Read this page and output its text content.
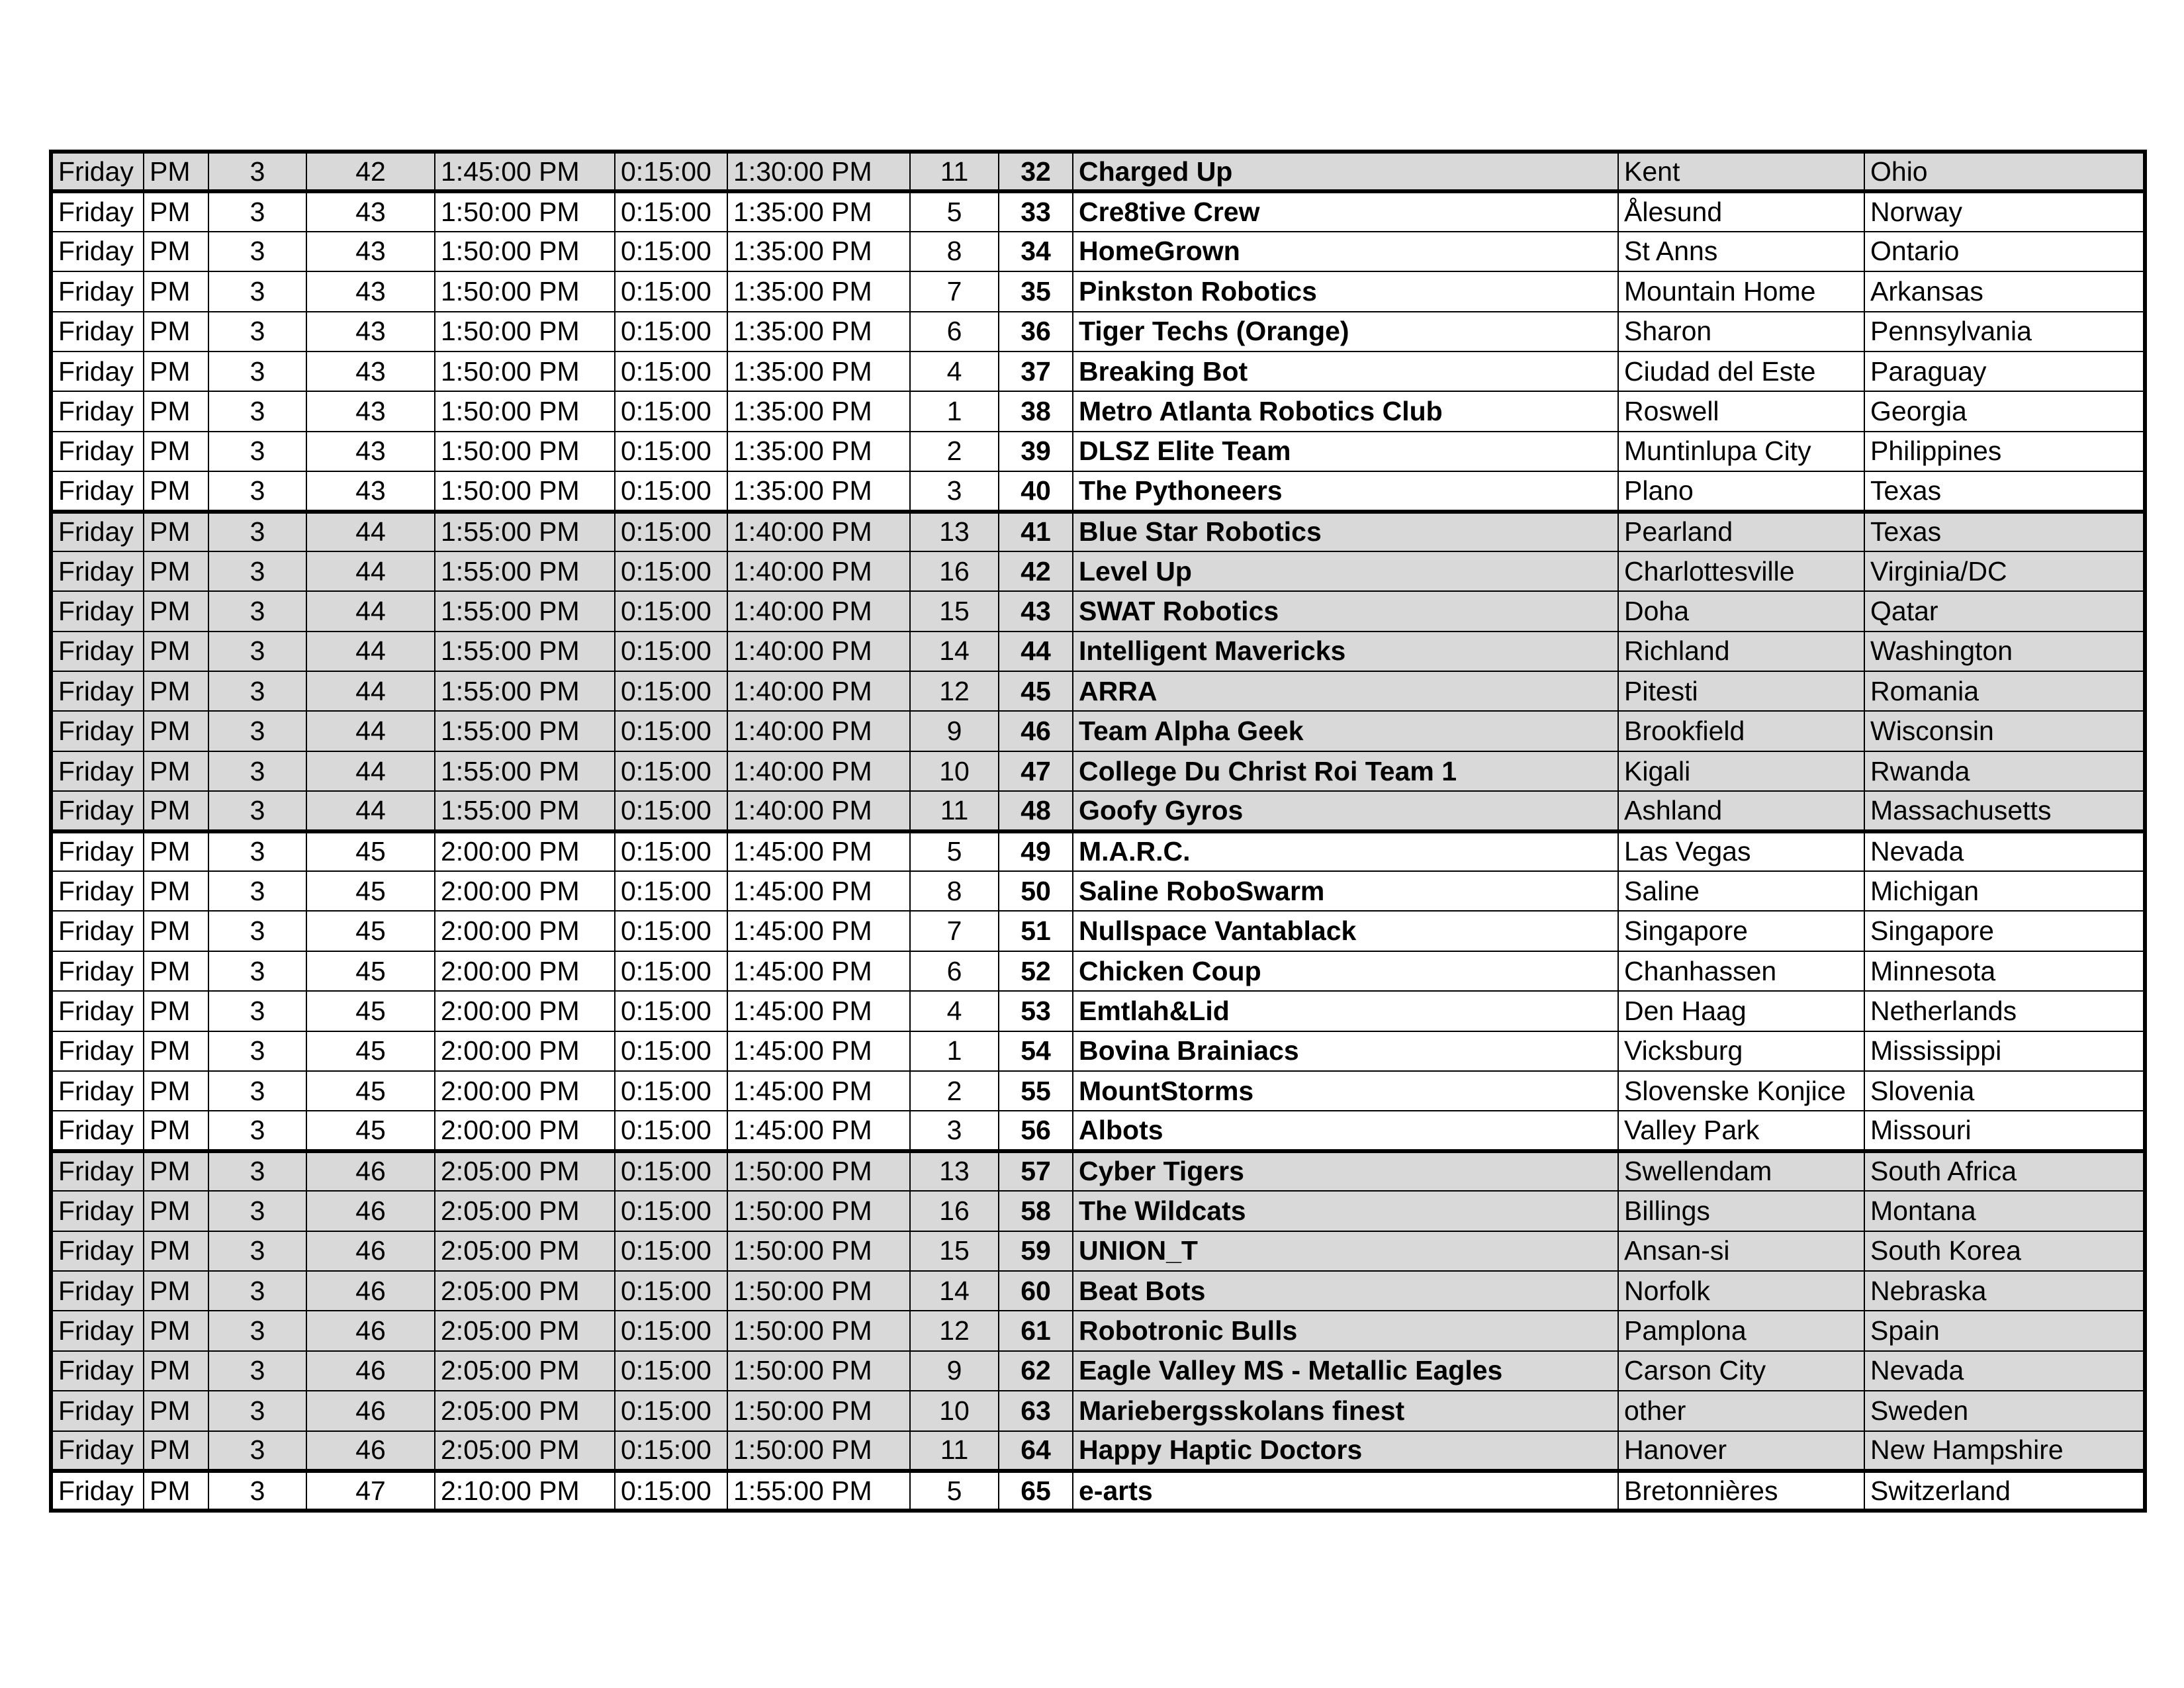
Friday	PM	3	42	1:45:00 PM	0:15:00	1:30:00 PM	11	32	Charged Up	Kent	Ohio
Friday	PM	3	43	1:50:00 PM	0:15:00	1:35:00 PM	5	33	Cre8tive Crew	Ålesund	Norway
Friday	PM	3	43	1:50:00 PM	0:15:00	1:35:00 PM	8	34	HomeGrown	St Anns	Ontario
Friday	PM	3	43	1:50:00 PM	0:15:00	1:35:00 PM	7	35	Pinkston Robotics	Mountain Home	Arkansas
Friday	PM	3	43	1:50:00 PM	0:15:00	1:35:00 PM	6	36	Tiger Techs (Orange)	Sharon	Pennsylvania
Friday	PM	3	43	1:50:00 PM	0:15:00	1:35:00 PM	4	37	Breaking Bot	Ciudad del Este	Paraguay
Friday	PM	3	43	1:50:00 PM	0:15:00	1:35:00 PM	1	38	Metro Atlanta Robotics Club	Roswell	Georgia
Friday	PM	3	43	1:50:00 PM	0:15:00	1:35:00 PM	2	39	DLSZ Elite Team	Muntinlupa City	Philippines
Friday	PM	3	43	1:50:00 PM	0:15:00	1:35:00 PM	3	40	The Pythoneers	Plano	Texas
Friday	PM	3	44	1:55:00 PM	0:15:00	1:40:00 PM	13	41	Blue Star Robotics	Pearland	Texas
Friday	PM	3	44	1:55:00 PM	0:15:00	1:40:00 PM	16	42	Level Up	Charlottesville	Virginia/DC
Friday	PM	3	44	1:55:00 PM	0:15:00	1:40:00 PM	15	43	SWAT Robotics	Doha	Qatar
Friday	PM	3	44	1:55:00 PM	0:15:00	1:40:00 PM	14	44	Intelligent Mavericks	Richland	Washington
Friday	PM	3	44	1:55:00 PM	0:15:00	1:40:00 PM	12	45	ARRA	Pitesti	Romania
Friday	PM	3	44	1:55:00 PM	0:15:00	1:40:00 PM	9	46	Team Alpha Geek	Brookfield	Wisconsin
Friday	PM	3	44	1:55:00 PM	0:15:00	1:40:00 PM	10	47	College Du Christ Roi Team 1	Kigali	Rwanda
Friday	PM	3	44	1:55:00 PM	0:15:00	1:40:00 PM	11	48	Goofy Gyros	Ashland	Massachusetts
Friday	PM	3	45	2:00:00 PM	0:15:00	1:45:00 PM	5	49	M.A.R.C.	Las Vegas	Nevada
Friday	PM	3	45	2:00:00 PM	0:15:00	1:45:00 PM	8	50	Saline RoboSwarm	Saline	Michigan
Friday	PM	3	45	2:00:00 PM	0:15:00	1:45:00 PM	7	51	Nullspace Vantablack	Singapore	Singapore
Friday	PM	3	45	2:00:00 PM	0:15:00	1:45:00 PM	6	52	Chicken Coup	Chanhassen	Minnesota
Friday	PM	3	45	2:00:00 PM	0:15:00	1:45:00 PM	4	53	Emtlah&Lid	Den Haag	Netherlands
Friday	PM	3	45	2:00:00 PM	0:15:00	1:45:00 PM	1	54	Bovina Brainiacs	Vicksburg	Mississippi
Friday	PM	3	45	2:00:00 PM	0:15:00	1:45:00 PM	2	55	MountStorms	Slovenske Konjice	Slovenia
Friday	PM	3	45	2:00:00 PM	0:15:00	1:45:00 PM	3	56	Albots	Valley Park	Missouri
Friday	PM	3	46	2:05:00 PM	0:15:00	1:50:00 PM	13	57	Cyber Tigers	Swellendam	South Africa
Friday	PM	3	46	2:05:00 PM	0:15:00	1:50:00 PM	16	58	The Wildcats	Billings	Montana
Friday	PM	3	46	2:05:00 PM	0:15:00	1:50:00 PM	15	59	UNION_T	Ansan-si	South Korea
Friday	PM	3	46	2:05:00 PM	0:15:00	1:50:00 PM	14	60	Beat Bots	Norfolk	Nebraska
Friday	PM	3	46	2:05:00 PM	0:15:00	1:50:00 PM	12	61	Robotronic Bulls	Pamplona	Spain
Friday	PM	3	46	2:05:00 PM	0:15:00	1:50:00 PM	9	62	Eagle Valley MS - Metallic Eagles	Carson City	Nevada
Friday	PM	3	46	2:05:00 PM	0:15:00	1:50:00 PM	10	63	Mariebergsskolans finest	other	Sweden
Friday	PM	3	46	2:05:00 PM	0:15:00	1:50:00 PM	11	64	Happy Haptic Doctors	Hanover	New Hampshire
Friday	PM	3	47	2:10:00 PM	0:15:00	1:55:00 PM	5	65	e-arts	Bretonnières	Switzerland
